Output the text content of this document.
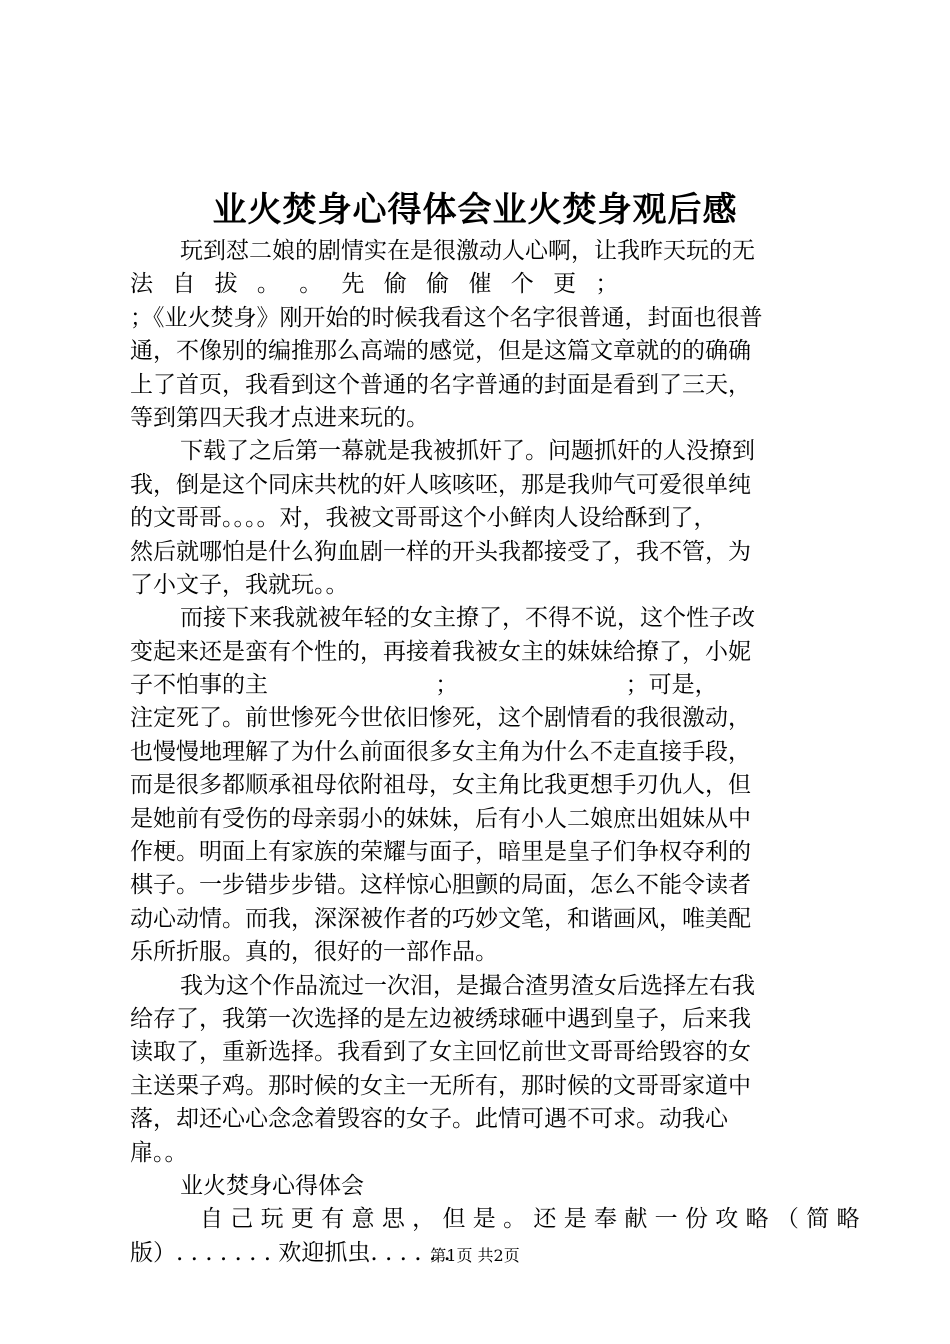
业火焚身心得体会业火焚身观后感
玩到怼二娘的剧情实在是很激动人心啊，让我昨天玩的无
法 自 拔 。 。 先 偷 偷 催 个 更 ；
；《业火焚身》刚开始的时候我看这个名字很普通，封面也很普
通，不像别的编推那么高端的感觉，但是这篇文章就的的确确
上了首页，我看到这个普通的名字普通的封面是看到了三天，
等到第四天我才点进来玩的。
下载了之后第一幕就是我被抓奸了。问题抓奸的人没撩到
我，倒是这个同床共枕的奸人咳咳呸，那是我帅气可爱很单纯
的文哥哥。。。。对，我被文哥哥这个小鲜肉人设给酥到了，
然后就哪怕是什么狗血剧一样的开头我都接受了，我不管，为
了小文子，我就玩。。
而接下来我就被年轻的女主撩了，不得不说，这个性子改
变起来还是蛮有个性的，再接着我被女主的妹妹给撩了，小妮
子不怕事的主 ； ；可是，
注定死了。前世惨死今世依旧惨死，这个剧情看的我很激动，
也慢慢地理解了为什么前面很多女主角为什么不走直接手段，
而是很多都顺承祖母依附祖母，女主角比我更想手刃仇人，但
是她前有受伤的母亲弱小的妹妹，后有小人二娘庶出姐妹从中
作梗。明面上有家族的荣耀与面子，暗里是皇子们争权夺利的
棋子。一步错步步错。这样惊心胆颤的局面，怎么不能令读者
动心动情。而我，深深被作者的巧妙文笔，和谐画风，唯美配
乐所折服。真的，很好的一部作品。
我为这个作品流过一次泪，是撮合渣男渣女后选择左右我
给存了，我第一次选择的是左边被绣球砸中遇到皇子，后来我
读取了，重新选择。我看到了女主回忆前世文哥哥给毁容的女
主送栗子鸡。那时候的女主一无所有，那时候的文哥哥家道中
落，却还心心念念着毁容的女子。此情可遇不可求。动我心
扉。。
业火焚身心得体会
自 己 玩 更 有 意 思 ， 但 是 。 还 是 奉 献 一 份 攻 略 （ 简 略
版）. . . . . . . 欢迎抓虫. . . . . .
第1页 共2页
